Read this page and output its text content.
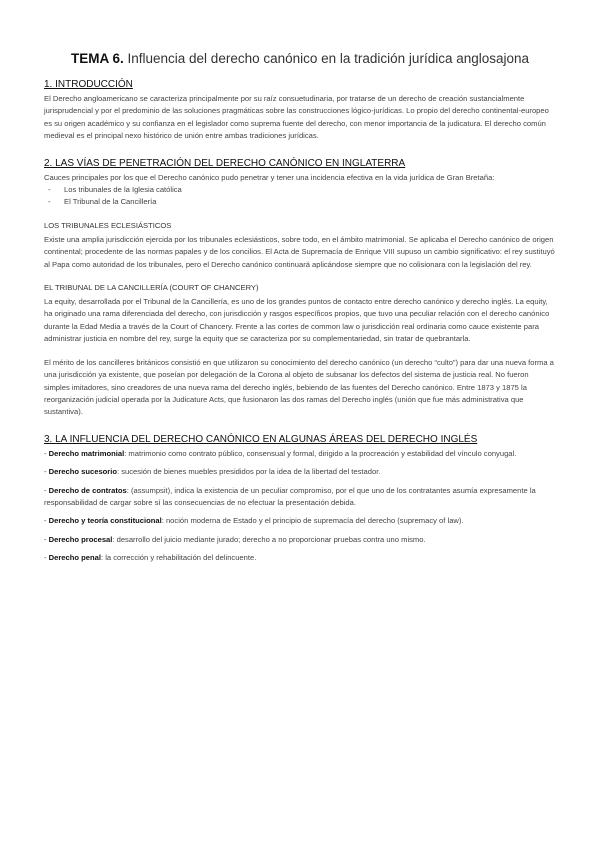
TEMA 6. Influencia del derecho canónico en la tradición jurídica anglosajona
1. INTRODUCCIÓN

El Derecho angloamericano se caracteriza principalmente por su raíz consuetudinaria, por tratarse de un derecho de creación sustancialmente jurisprudencial y por el predominio de las soluciones pragmáticas sobre las construcciones lógico-jurídicas. Lo propio del derecho continental-europeo es su origen académico y su confianza en el legislador como suprema fuente del derecho, con menor importancia de la judicatura. El derecho común medieval es el principal nexo histórico de unión entre ambas tradiciones jurídicas.

2. LAS VÍAS DE PENETRACIÓN DEL DERECHO CANÓNICO EN INGLATERRA

Cauces principales por los que el Derecho canónico pudo penetrar y tener una incidencia efectiva en la vida jurídica de Gran Bretaña:

- Los tribunales de la Iglesia católica
- El Tribunal de la Cancillería
LOS TRIBUNALES ECLESIÁSTICOS

Existe una amplia jurisdicción ejercida por los tribunales eclesiásticos, sobre todo, en el ámbito matrimonial. Se aplicaba el Derecho canónico de origen continental; procedente de las normas papales y de los concilios. El Acta de Supremacía de Enrique VIII supuso un cambio significativo: el rey sustituyó al Papa como autoridad de los tribunales, pero el Derecho canónico continuará aplicándose siempre que no colisionara con la legislación del rey.

EL TRIBUNAL DE LA CANCILLERÍA (COURT OF CHANCERY)

La equity, desarrollada por el Tribunal de la Cancillería, es uno de los grandes puntos de contacto entre derecho canónico y derecho inglés. La equity, ha originado una rama diferenciada del derecho, con jurisdicción y rasgos específicos propios, que tuvo una peculiar relación con el derecho canónico durante la Edad Media a través de la Court of Chancery. Frente a las cortes de common law o jurisdicción real ordinaria como cauce existente para administrar justicia en nombre del rey, surge la equity que se caracteriza por su complementariedad, sin tratar de quebrantarla.

El mérito de los cancilleres británicos consistió en que utilizaron su conocimiento del derecho canónico (un derecho “culto”) para dar una nueva forma a una jurisdicción ya existente, que poseían por delegación de la Corona al objeto de subsanar los defectos del sistema de justicia real. No fueron simples imitadores, sino creadores de una nueva rama del derecho inglés, bebiendo de las fuentes del Derecho canónico. Entre 1873 y 1875 la reorganización judicial operada por la Judicature Acts, que fusionaron las dos ramas del Derecho inglés (unión que fue más administrativa que sustantiva).

3. LA INFLUENCIA DEL DERECHO CANÓNICO EN ALGUNAS ÁREAS DEL DERECHO INGLÉS
- Derecho matrimonial: matrimonio como contrato público, consensual y formal, dirigido a la procreación y estabilidad del vínculo conyugal.
- Derecho sucesorio: sucesión de bienes muebles presididos por la idea de la libertad del testador.
- Derecho de contratos: (assumpsit), indica la existencia de un peculiar compromiso, por el que uno de los contratantes asumía expresamente la responsabilidad de cargar sobre sí las consecuencias de no efectuar la presentación debida.
- Derecho y teoría constitucional: noción moderna de Estado y el principio de supremacía del derecho (supremacy of law).
- Derecho procesal: desarrollo del juicio mediante jurado; derecho a no proporcionar pruebas contra uno mismo.
- Derecho penal: la corrección y rehabilitación del delincuente.
